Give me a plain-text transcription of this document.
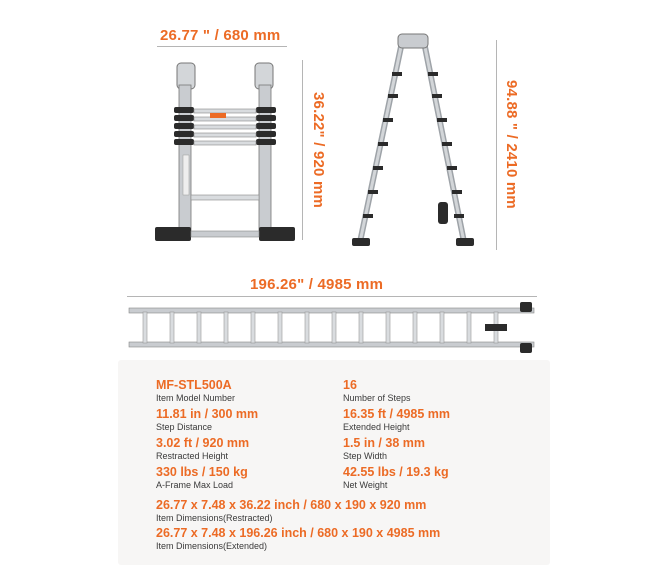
26.77 " / 680 mm
36.22" / 920 mm	94.88 " / 2410 mm
196.26" / 4985 mm
MF-STL500A
Item Model Number
16
Number of Steps
11.81 in / 300 mm
Step Distance
16.35 ft / 4985 mm
Extended Height
3.02 ft / 920 mm
Restracted Height
1.5 in / 38 mm
Step Width
330 lbs / 150 kg
A-Frame Max Load
42.55 lbs / 19.3 kg
Net Weight
26.77 x 7.48 x 36.22 inch / 680 x 190 x 920 mm
Item Dimensions(Restracted)
26.77 x 7.48 x 196.26 inch / 680 x 190 x 4985 mm
Item Dimensions(Extended)
